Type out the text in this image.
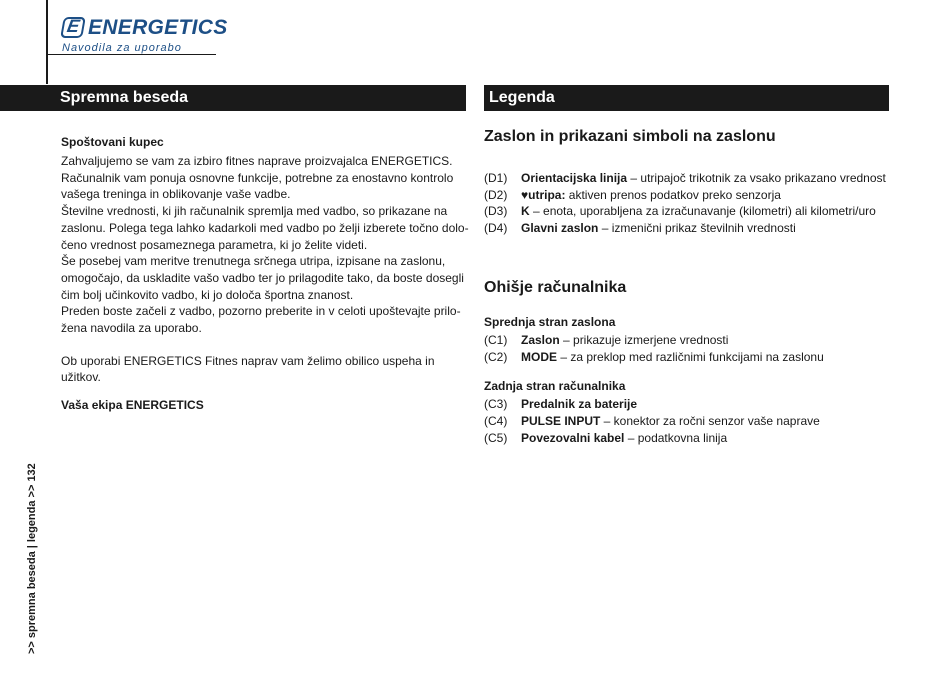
E ENERGETICS
Navodila za uporabo
Spremna beseda	Legenda
Spoštovani kupec
Zahvaljujemo se vam za izbiro fitnes naprave proizvajalca ENERGETICS.
Računalnik vam ponuja osnovne funkcije, potrebne za enostavno kontrolo
vašega treninga in oblikovanje vaše vadbe.
Številne vrednosti, ki jih računalnik spremlja med vadbo, so prikazane na
zaslonu. Polega tega lahko kadarkoli med vadbo po želji izberete točno dolo-
čeno vrednost posameznega parametra, ki jo želite videti.
Še posebej vam meritve trenutnega srčnega utripa, izpisane na zaslonu,
omogočajo, da uskladite vašo vadbo ter jo prilagodite tako, da boste dosegli
čim bolj učinkovito vadbo, ki jo določa športna znanost.
Preden boste začeli z vadbo, pozorno preberite in v celoti upoštevajte prilo-
žena navodila za uporabo.
Ob uporabi ENERGETICS Fitnes naprav vam želimo obilico uspeha in užitkov.
Vaša ekipa ENERGETICS

Zaslon in prikazani simboli na zaslonu

(D1)	Orientacijska linija – utripajoč trikotnik za vsako prikazano vrednost
(D2)	♥utripa: aktiven prenos podatkov preko senzorja
(D3)	K – enota, uporabljena za izračunavanje (kilometri) ali kilometri/uro
(D4)	Glavni zaslon – izmenični prikaz številnih vrednosti

Ohišje računalnika

Sprednja stran zaslona
(C1)	Zaslon – prikazuje izmerjene vrednosti
(C2)	MODE – za preklop med različnimi funkcijami na zaslonu
Zadnja stran računalnika
(C3)	Predalnik za baterije
(C4)	PULSE INPUT – konektor za ročni senzor vaše naprave
(C5)	Povezovalni kabel – podatkovna linija
>> spremna beseda | legenda >> 132
